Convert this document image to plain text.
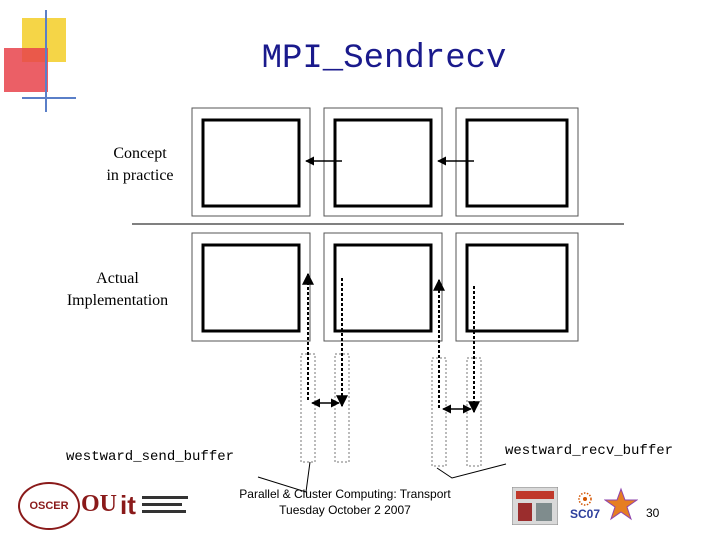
MPI_Sendrecv
Concept
in practice
Actual
Implementation
westward_send_buffer	westward_recv_buffer
OSCER OU it	Parallel & Cluster Computing: Transport
Tuesday October 2 2007	SC07	30
